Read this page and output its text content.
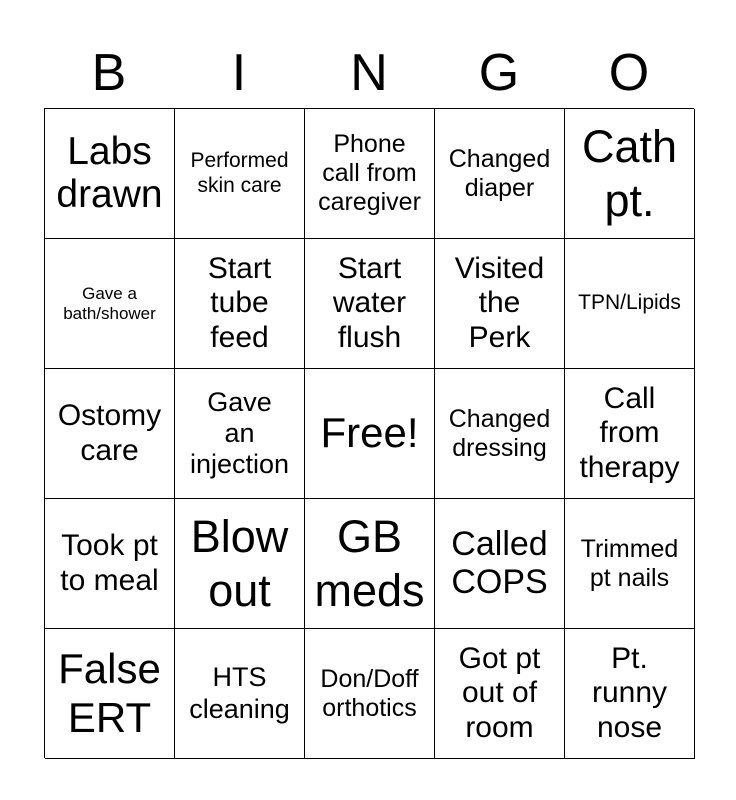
B	I	N	G	O
Labs
drawn
Performed
skin care
Phone
call from
caregiver
Changed
diaper
Cath
pt.
Gave a
bath/shower
Start
tube
feed
Start
water
flush
Visited
the
Perk
TPN/Lipids
Ostomy
care
Gave
an
injection
Free!	Changed
dressing
Call
from
therapy
Took pt
to meal
Blow
out
GB
meds
Called
COPS
Trimmed
pt nails
False
ERT
HTS
cleaning
Don/Doff
orthotics
Got pt
out of
room
Pt.
runny
nose
